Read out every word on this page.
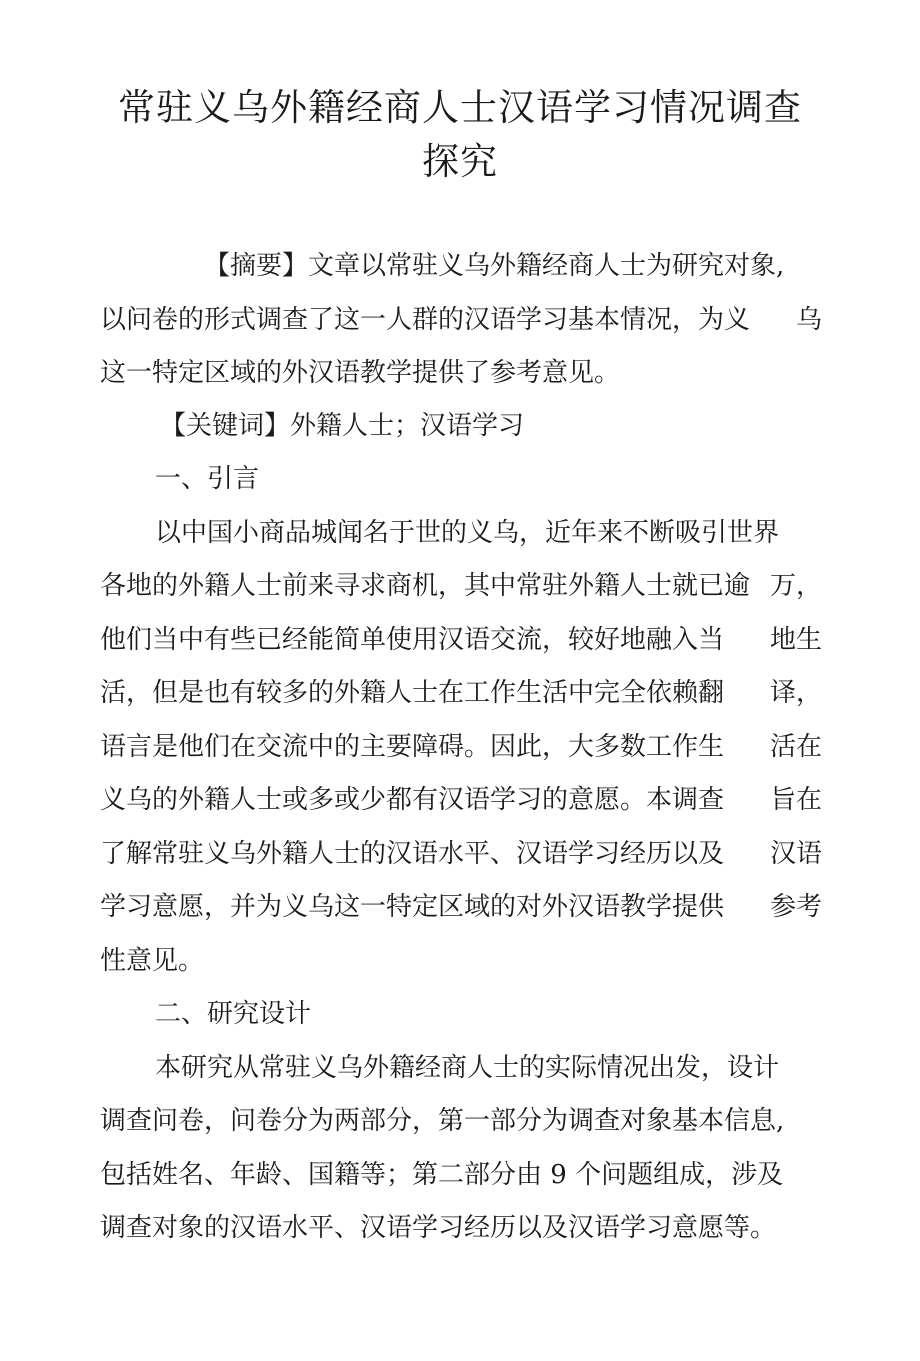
常驻义乌外籍经商人士汉语学习情况调查
探究
【摘要】文章以常驻义乌外籍经商人士为研究对象,
以问卷的形式调查了这一人群的汉语学习基本情况，为义 乌
这一特定区域的外汉语教学提供了参考意见。
【关键词】外籍人士；汉语学习
一、引言
以中国小商品城闻名于世的义乌，近年来不断吸引世界
各地的外籍人士前来寻求商机，其中常驻外籍人士就已逾 万，
他们当中有些已经能简单使用汉语交流，较好地融入当 地生
活，但是也有较多的外籍人士在工作生活中完全依赖翻 译，
语言是他们在交流中的主要障碍。因此，大多数工作生 活在
义乌的外籍人士或多或少都有汉语学习的意愿。本调查 旨在
了解常驻义乌外籍人士的汉语水平、汉语学习经历以及 汉语
学习意愿，并为义乌这一特定区域的对外汉语教学提供 参考
性意见。
二、研究设计
本研究从常驻义乌外籍经商人士的实际情况出发，设计
调查问卷，问卷分为两部分，第一部分为调查对象基本信息,
包括姓名、年龄、国籍等；第二部分由 9 个问题组成，涉及
调查对象的汉语水平、汉语学习经历以及汉语学习意愿等。
